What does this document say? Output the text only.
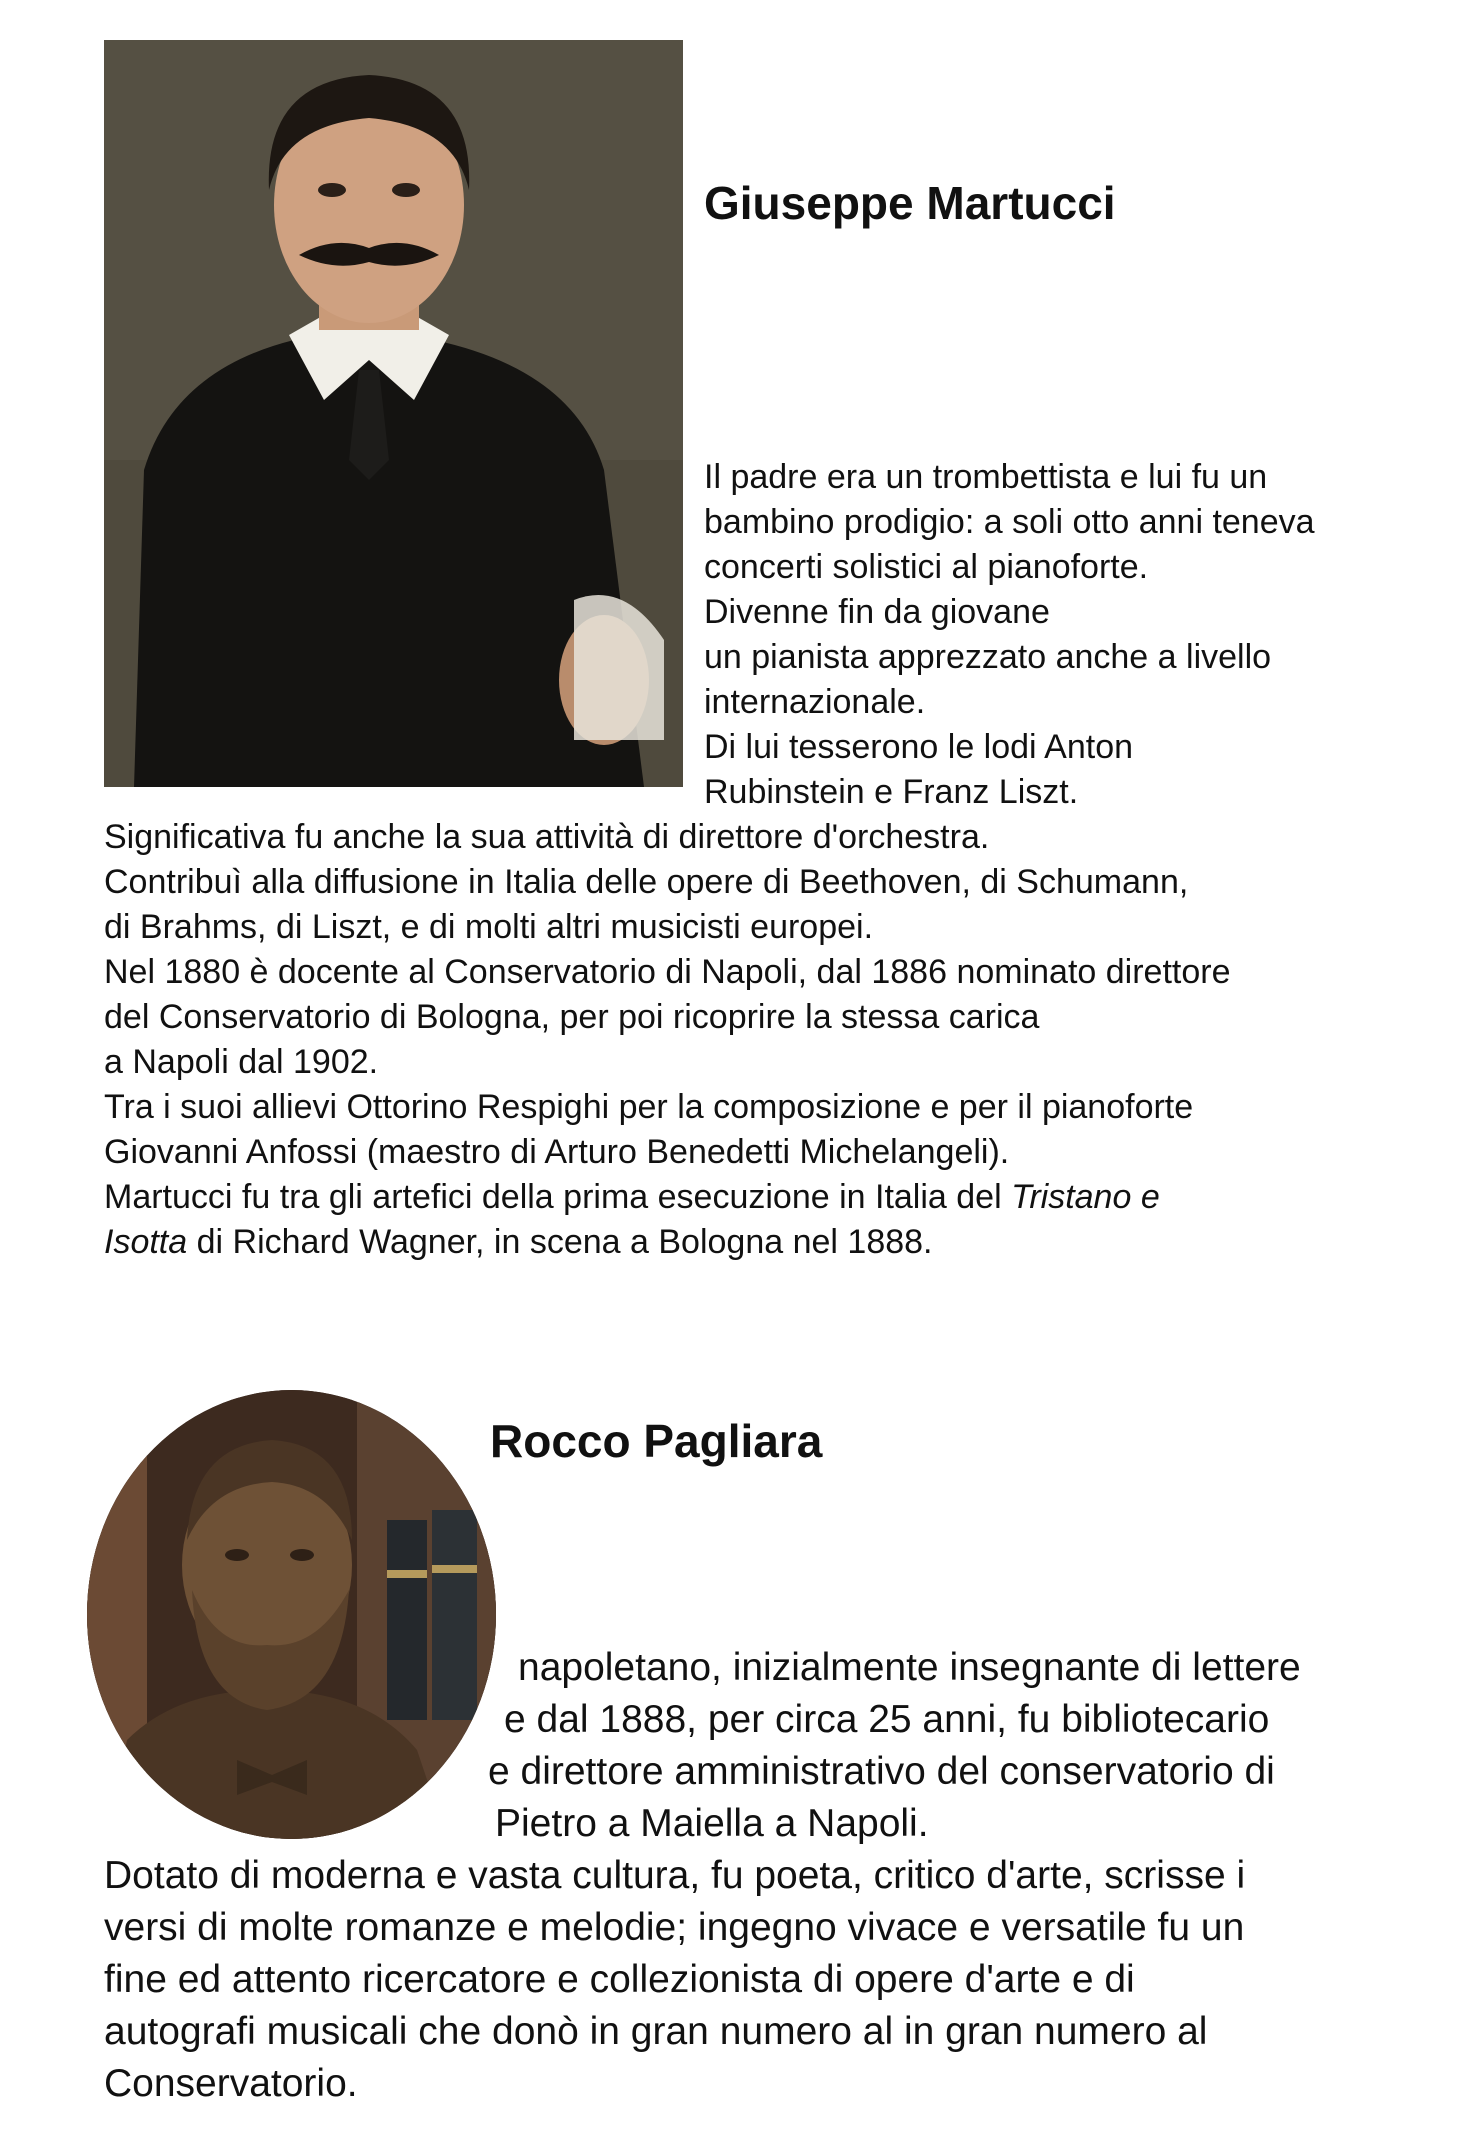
Giuseppe Martucci
Il padre era un trombettista e lui fu un
bambino prodigio: a soli otto anni teneva
concerti solistici al pianoforte.
Divenne fin da giovane
un pianista apprezzato anche a livello
internazionale.
Di lui tesserono le lodi Anton
Rubinstein e Franz Liszt.
Significativa fu anche la sua attività di direttore d'orchestra.
Contribuì alla diffusione in Italia delle opere di Beethoven, di Schumann,
di Brahms, di Liszt, e di molti altri musicisti europei.
Nel 1880 è docente al Conservatorio di Napoli, dal 1886 nominato direttore
del Conservatorio di Bologna, per poi ricoprire la stessa carica
a Napoli dal 1902.
Tra i suoi allievi Ottorino Respighi per la composizione e per il pianoforte
Giovanni Anfossi (maestro di Arturo Benedetti Michelangeli).
Martucci fu tra gli artefici della prima esecuzione in Italia del Tristano e
Isotta di Richard Wagner, in scena a Bologna nel 1888.
Rocco Pagliara
napoletano, inizialmente insegnante di lettere
e dal 1888, per circa 25 anni, fu bibliotecario
e direttore amministrativo del conservatorio di
Pietro a Maiella a Napoli.
Dotato di moderna e vasta cultura, fu poeta, critico d'arte, scrisse i
versi di molte romanze e melodie; ingegno vivace e versatile fu un
fine ed attento ricercatore e collezionista di opere d'arte e di
autografi musicali che donò in gran numero al in gran numero al
Conservatorio.
